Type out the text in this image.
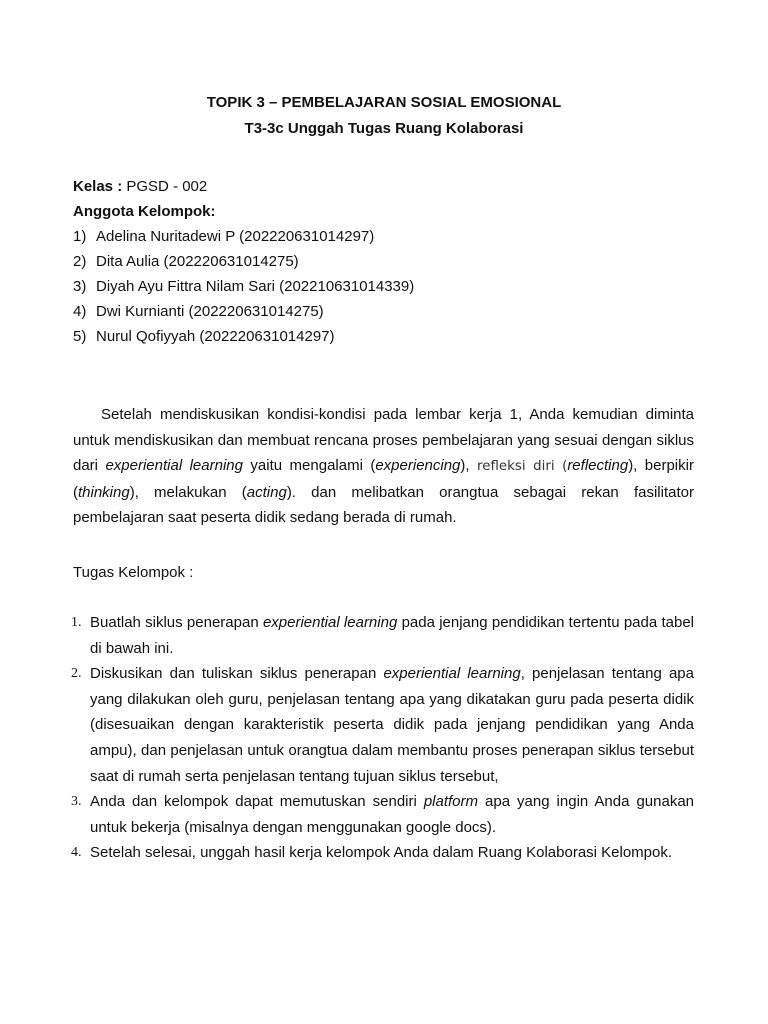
TOPIK 3 – PEMBELAJARAN SOSIAL EMOSIONAL
T3-3c Unggah Tugas Ruang Kolaborasi
Kelas : PGSD - 002
Anggota Kelompok:
1) Adelina Nuritadewi P (202220631014297)
2) Dita Aulia (202220631014275)
3) Diyah Ayu Fittra Nilam Sari (202210631014339)
4) Dwi Kurnianti (202220631014275)
5) Nurul Qofiyyah (202220631014297)

Setelah mendiskusikan kondisi-kondisi pada lembar kerja 1, Anda kemudian diminta untuk mendiskusikan dan membuat rencana proses pembelajaran yang sesuai dengan siklus dari experiential learning yaitu mengalami (experiencing), refleksi diri (reflecting), berpikir (thinking), melakukan (acting). dan melibatkan orangtua sebagai rekan fasilitator pembelajaran saat peserta didik sedang berada di rumah.

Tugas Kelompok :
1. Buatlah siklus penerapan experiential learning pada jenjang pendidikan tertentu pada tabel di bawah ini.
2. Diskusikan dan tuliskan siklus penerapan experiential learning, penjelasan tentang apa yang dilakukan oleh guru, penjelasan tentang apa yang dikatakan guru pada peserta didik (disesuaikan dengan karakteristik peserta didik pada jenjang pendidikan yang Anda ampu), dan penjelasan untuk orangtua dalam membantu proses penerapan siklus tersebut saat di rumah serta penjelasan tentang tujuan siklus tersebut,
3. Anda dan kelompok dapat memutuskan sendiri platform apa yang ingin Anda gunakan untuk bekerja (misalnya dengan menggunakan google docs).
4. Setelah selesai, unggah hasil kerja kelompok Anda dalam Ruang Kolaborasi Kelompok.
